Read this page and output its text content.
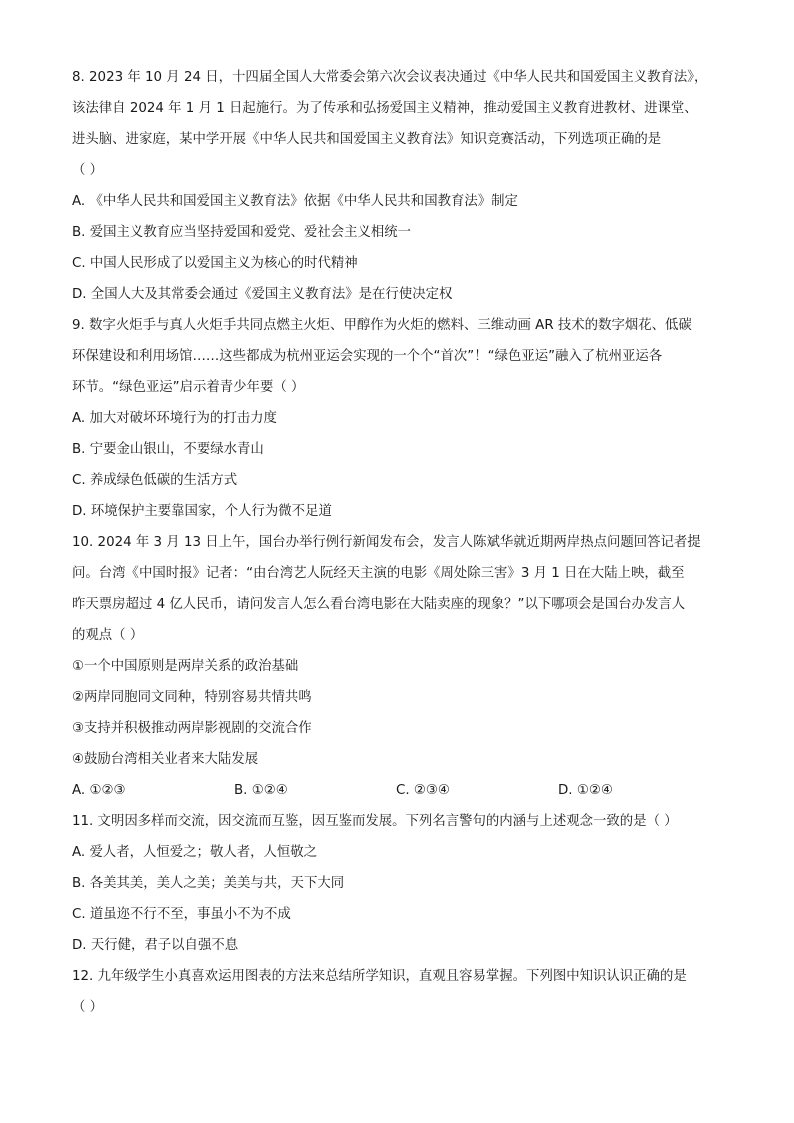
8. 2023 年 10 月 24 日，十四届全国人大常委会第六次会议表决通过《中华人民共和国爱国主义教育法》，
该法律自 2024 年 1 月 1 日起施行。为了传承和弘扬爱国主义精神，推动爱国主义教育进教材、进课堂、
进头脑、进家庭，某中学开展《中华人民共和国爱国主义教育法》知识竞赛活动，下列选项正确的是
（ ）
A. 《中华人民共和国爱国主义教育法》依据《中华人民共和国教育法》制定
B. 爱国主义教育应当坚持爱国和爱党、爱社会主义相统一
C. 中国人民形成了以爱国主义为核心的时代精神
D. 全国人大及其常委会通过《爱国主义教育法》是在行使决定权
9. 数字火炬手与真人火炬手共同点燃主火炬、甲醇作为火炬的燃料、三维动画 AR 技术的数字烟花、低碳
环保建设和利用场馆……这些都成为杭州亚运会实现的一个个“首次”！“绿色亚运”融入了杭州亚运各
环节。“绿色亚运”启示着青少年要（ ）
A. 加大对破坏环境行为的打击力度
B. 宁要金山银山，不要绿水青山
C. 养成绿色低碳的生活方式
D. 环境保护主要靠国家，个人行为微不足道
10. 2024 年 3 月 13 日上午，国台办举行例行新闻发布会，发言人陈斌华就近期两岸热点问题回答记者提
问。台湾《中国时报》记者：“由台湾艺人阮经天主演的电影《周处除三害》3 月 1 日在大陆上映，截至
昨天票房超过 4 亿人民币，请问发言人怎么看台湾电影在大陆卖座的现象？”以下哪项会是国台办发言人
的观点（ ）
①一个中国原则是两岸关系的政治基础
②两岸同胞同文同种，特别容易共情共鸣
③支持并积极推动两岸影视剧的交流合作
④鼓励台湾相关业者来大陆发展
A. ①②③	B. ①②④	C. ②③④	D. ①②④
11. 文明因多样而交流，因交流而互鉴，因互鉴而发展。下列名言警句的内涵与上述观念一致的是（ ）
A. 爱人者，人恒爱之；敬人者，人恒敬之
B. 各美其美，美人之美；美美与共，天下大同
C. 道虽迩不行不至，事虽小不为不成
D. 天行健，君子以自强不息
12. 九年级学生小真喜欢运用图表的方法来总结所学知识，直观且容易掌握。下列图中知识认识正确的是
（ ）
